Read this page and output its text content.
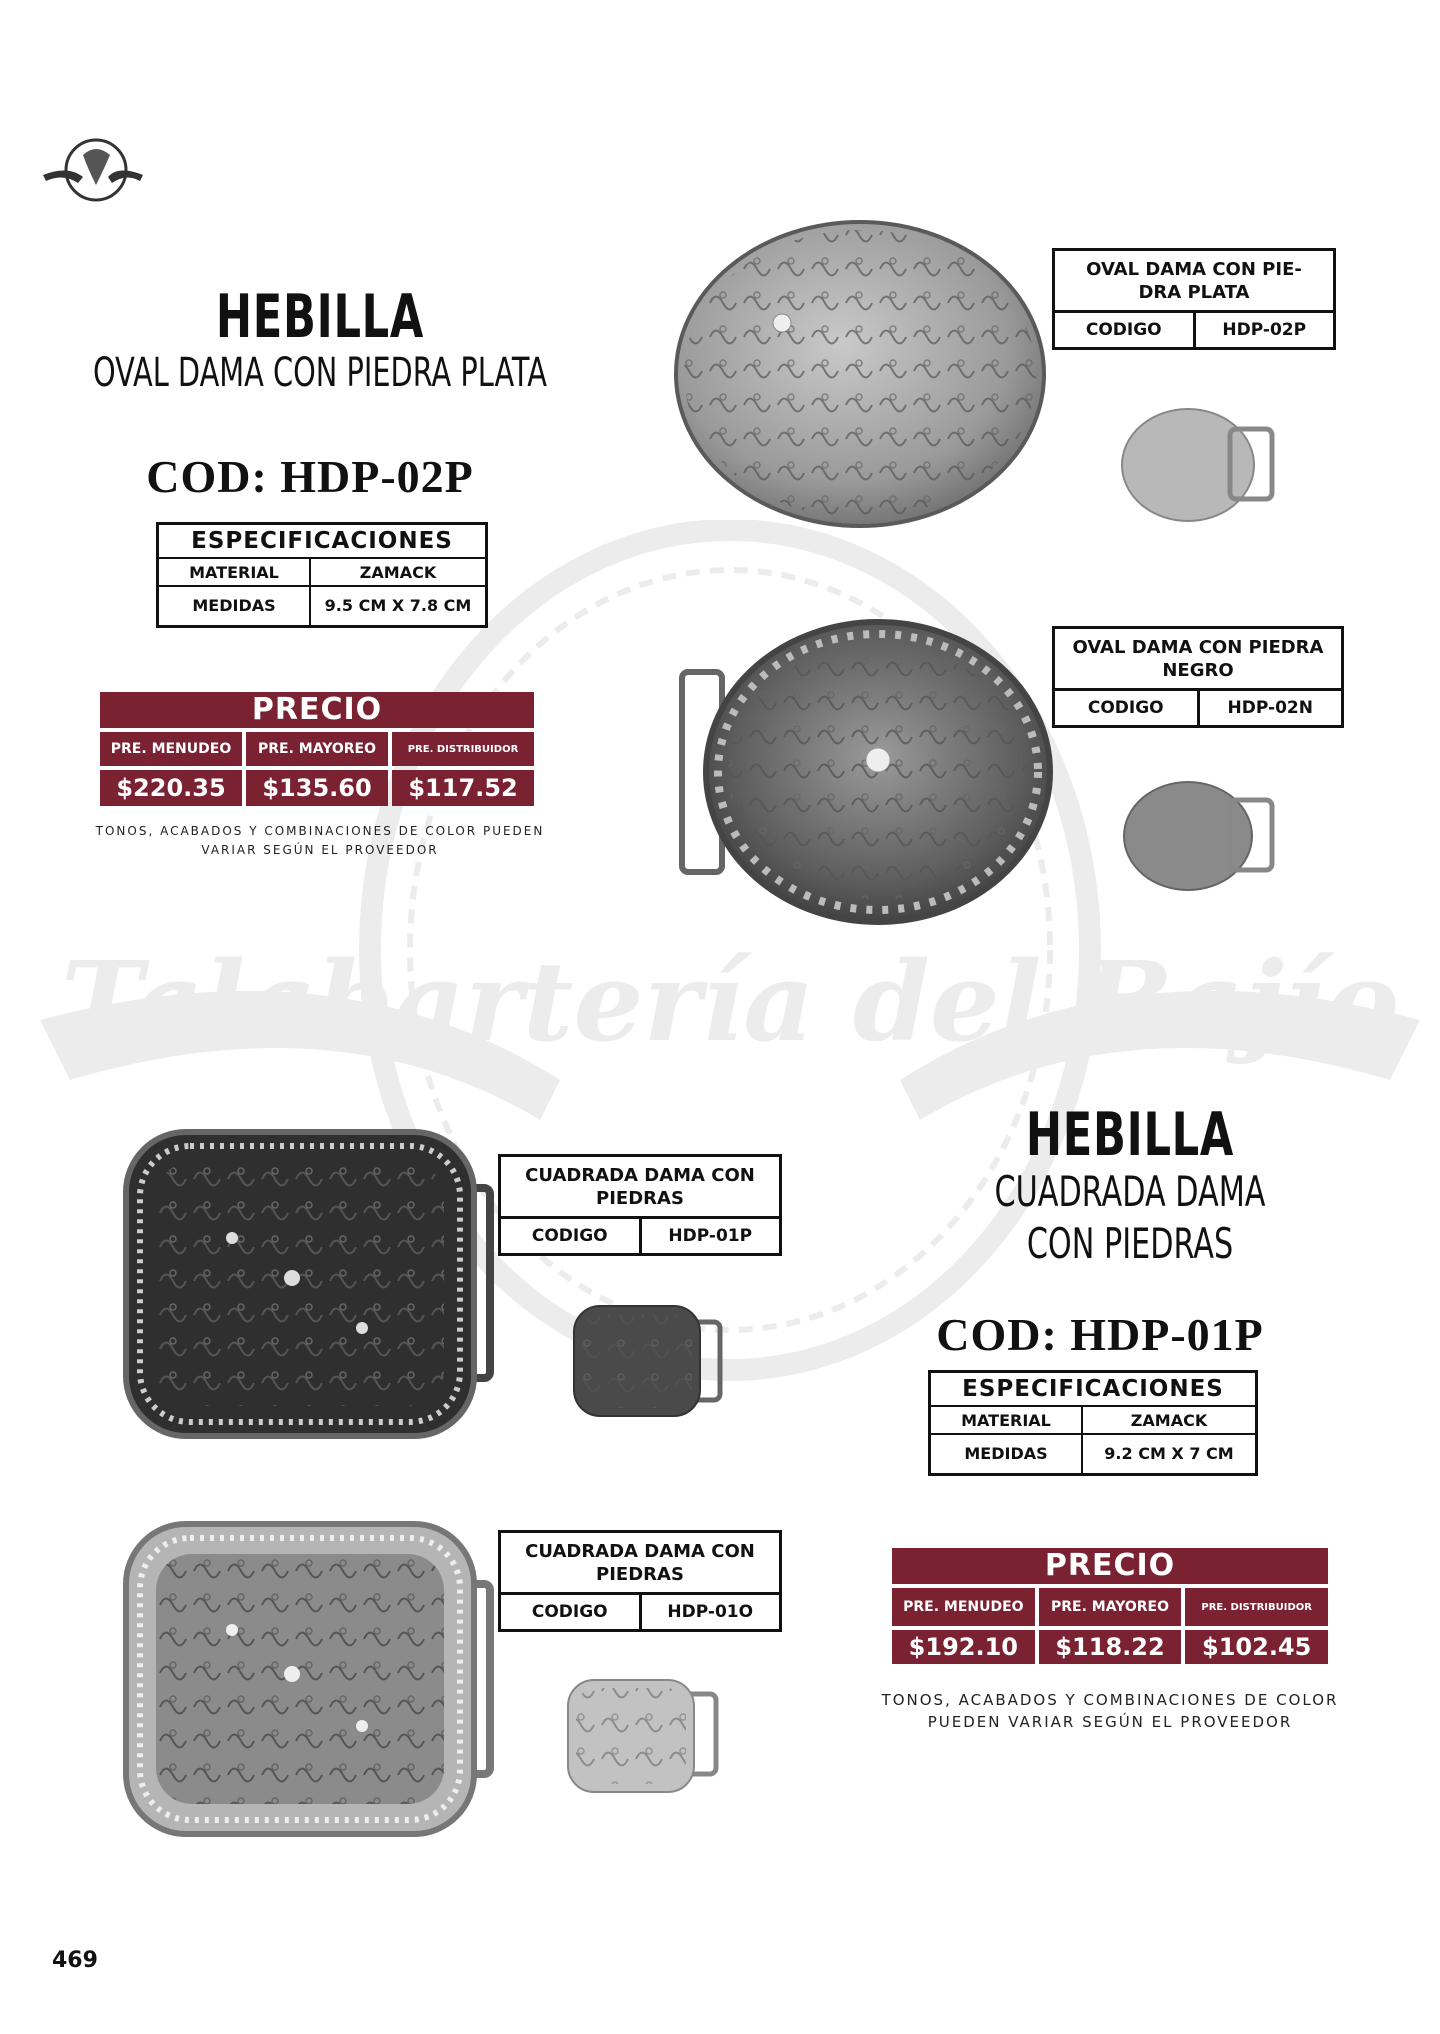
Talabartería del Bajío
HEBILLA
OVAL DAMA CON PIEDRA PLATA
COD: HDP-02P
ESPECIFICACIONES	
MATERIAL	ZAMACK
MEDIDAS	9.5 CM X 7.8 CM
PRECIO
PRE. MENUDEO	PRE. MAYOREO	PRE. DISTRIBUIDOR
$220.35	$135.60	$117.52
TONOS, ACABADOS Y COMBINACIONES DE COLOR PUEDEN
VARIAR SEGÚN EL PROVEEDOR
OVAL DAMA CON PIE-DRA PLATA
CODIGO	HDP-02P
OVAL DAMA CON PIEDRA NEGRO
CODIGO	HDP-02N
CUADRADA DAMA CON PIEDRAS
CODIGO	HDP-01P
CUADRADA DAMA CON PIEDRAS
CODIGO	HDP-01O
HEBILLA
CUADRADA DAMA
CON PIEDRAS
COD: HDP-01P
ESPECIFICACIONES	
MATERIAL	ZAMACK
MEDIDAS	9.2 CM X 7 CM
PRECIO
PRE. MENUDEO	PRE. MAYOREO	PRE. DISTRIBUIDOR
$192.10	$118.22	$102.45
TONOS, ACABADOS Y COMBINACIONES DE COLOR
PUEDEN VARIAR SEGÚN EL PROVEEDOR
469
